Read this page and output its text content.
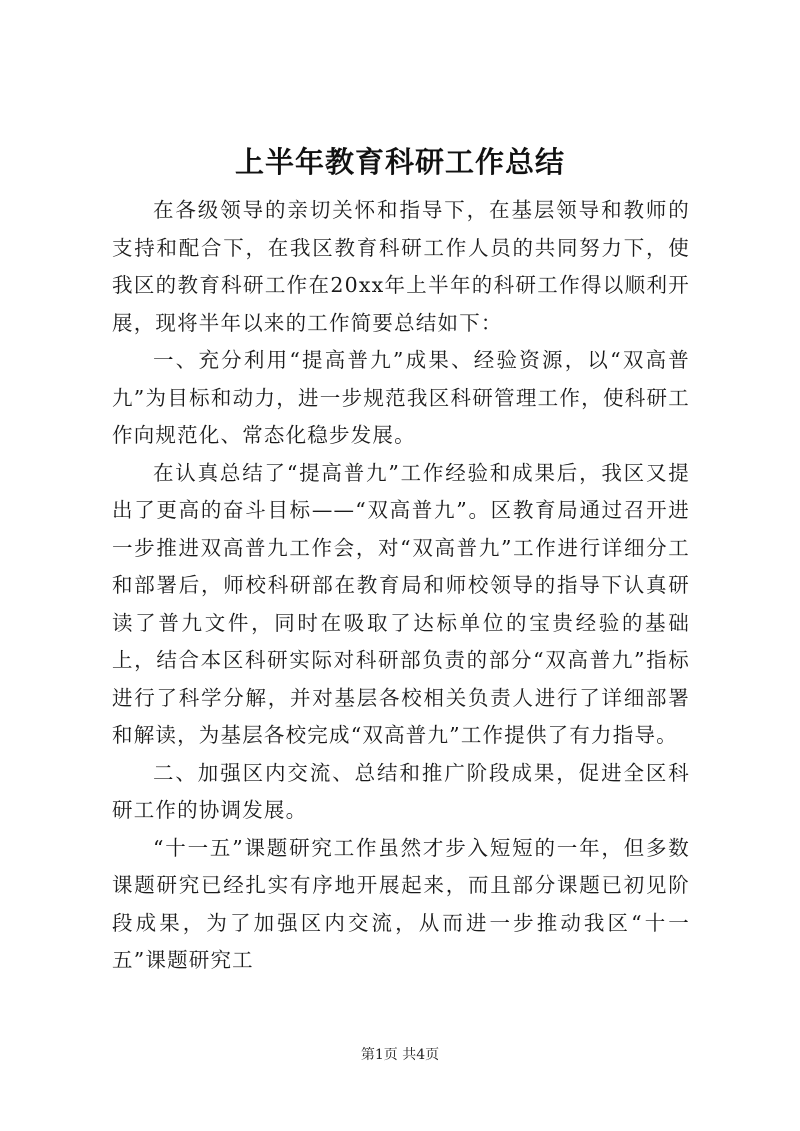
上半年教育科研工作总结

在各级领导的亲切关怀和指导下，在基层领导和教师的支持和配合下，在我区教育科研工作人员的共同努力下，使我区的教育科研工作在20xx年上半年的科研工作得以顺利开展，现将半年以来的工作简要总结如下：

一、充分利用“提高普九”成果、经验资源，以“双高普九”为目标和动力，进一步规范我区科研管理工作，使科研工作向规范化、常态化稳步发展。

在认真总结了“提高普九”工作经验和成果后，我区又提出了更高的奋斗目标——“双高普九”。区教育局通过召开进一步推进双高普九工作会，对“双高普九”工作进行详细分工和部署后，师校科研部在教育局和师校领导的指导下认真研读了普九文件，同时在吸取了达标单位的宝贵经验的基础上，结合本区科研实际对科研部负责的部分“双高普九”指标进行了科学分解，并对基层各校相关负责人进行了详细部署和解读，为基层各校完成“双高普九”工作提供了有力指导。

二、加强区内交流、总结和推广阶段成果，促进全区科研工作的协调发展。

“十一五”课题研究工作虽然才步入短短的一年，但多数课题研究已经扎实有序地开展起来，而且部分课题已初见阶段成果，为了加强区内交流，从而进一步推动我区“十一五”课题研究工

第1页 共4页
